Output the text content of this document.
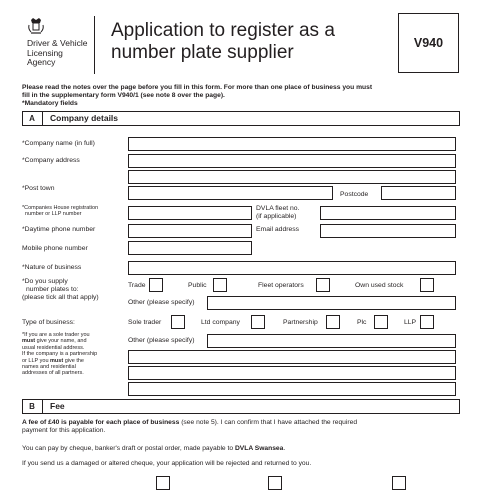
Driver & Vehicle
Licensing
Agency
Application to register as a
number plate supplier	V940
Please read the notes over the page before you fill in this form. For more than one place of business you must
fill in the supplementary form V940/1 (see note 8 over the page).
*Mandatory fields
A Company details
*Company name (in full)
*Company address
*Post town
Postcode
*Companies House registration
number or LLP number
DVLA fleet no.
(if applicable)
*Daytime phone number	Email address
Mobile phone number
*Nature of business
*Do you supply
number plates to:
(please tick all that apply)
Trade	Public	Fleet operators	Own used stock
Other (please specify)
Type of business:	Sole trader	Ltd company	Partnership	Plc	LLP
*If you are a sole trader you
must give your name, and
usual residential address.
If the company is a partnership
or LLP you must give the
names and residential
addresses of all partners.
Other (please specify)
B Fee
A fee of £40 is payable for each place of business (see note 5). I can confirm that I have attached the required
payment for this application.
You can pay by cheque, banker's draft or postal order, made payable to DVLA Swansea.
If you send us a damaged or altered cheque, your application will be rejected and returned to you.
